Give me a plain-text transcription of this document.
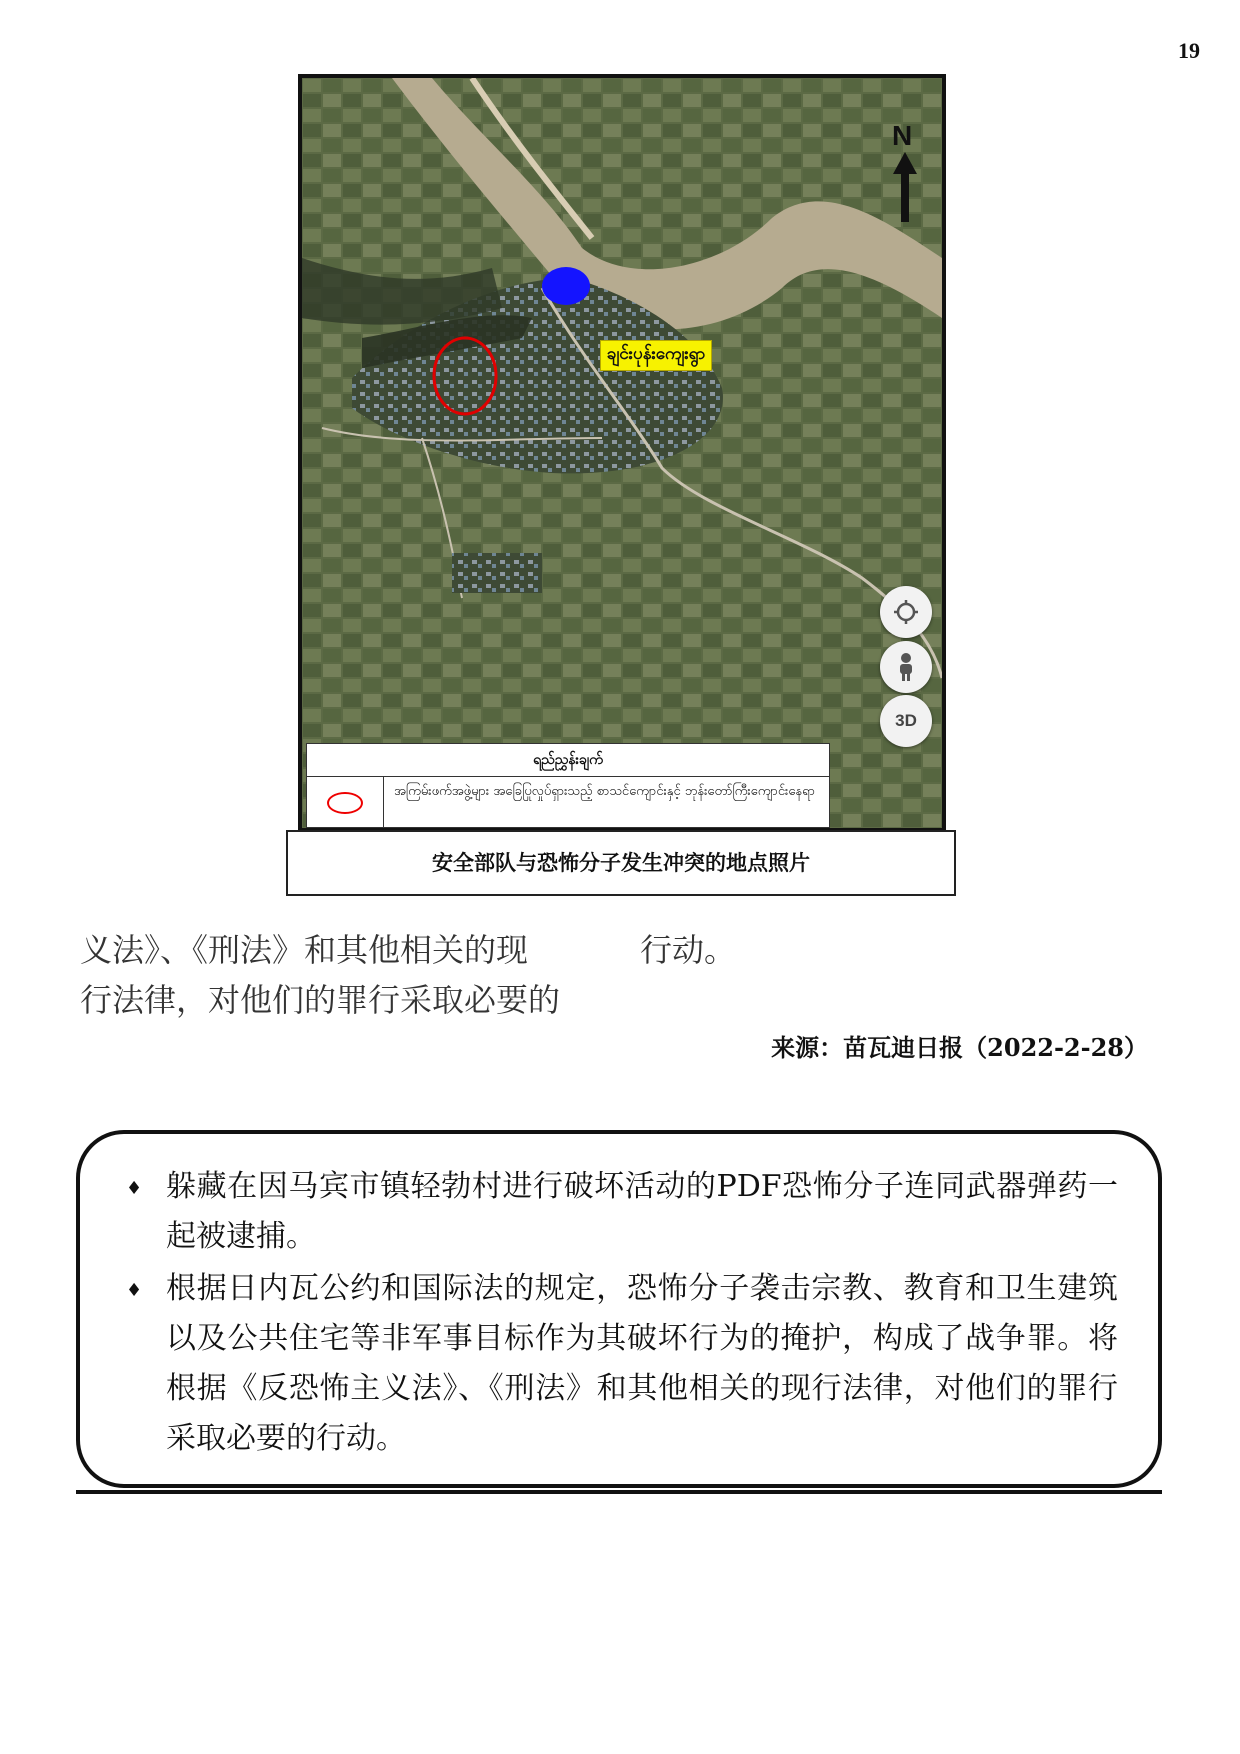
19
N
ချင်းပုန်းကျေးရွာ
3D
ရည်ညွှန်းချက်
အကြမ်းဖက်အဖွဲ့များ အခြေပြုလှုပ်ရှားသည့် စာသင်ကျောင်းနှင့် ဘုန်းတော်ကြီးကျောင်းနေရာ
安全部队与恐怖分子发生冲突的地点照片
义法》、《刑法》和其他相关的现
行法律，对他们的罪行采取必要的
行动。
来源：苗瓦迪日报（2022-2-28）
♦ 躲藏在因马宾市镇轻勃村进行破坏活动的PDF恐怖分子连同武器弹药一起被逮捕。
♦ 根据日内瓦公约和国际法的规定，恐怖分子袭击宗教、教育和卫生建筑以及公共住宅等非军事目标作为其破坏行为的掩护，构成了战争罪。将根据《反恐怖主义法》、《刑法》和其他相关的现行法律，对他们的罪行采取必要的行动。
